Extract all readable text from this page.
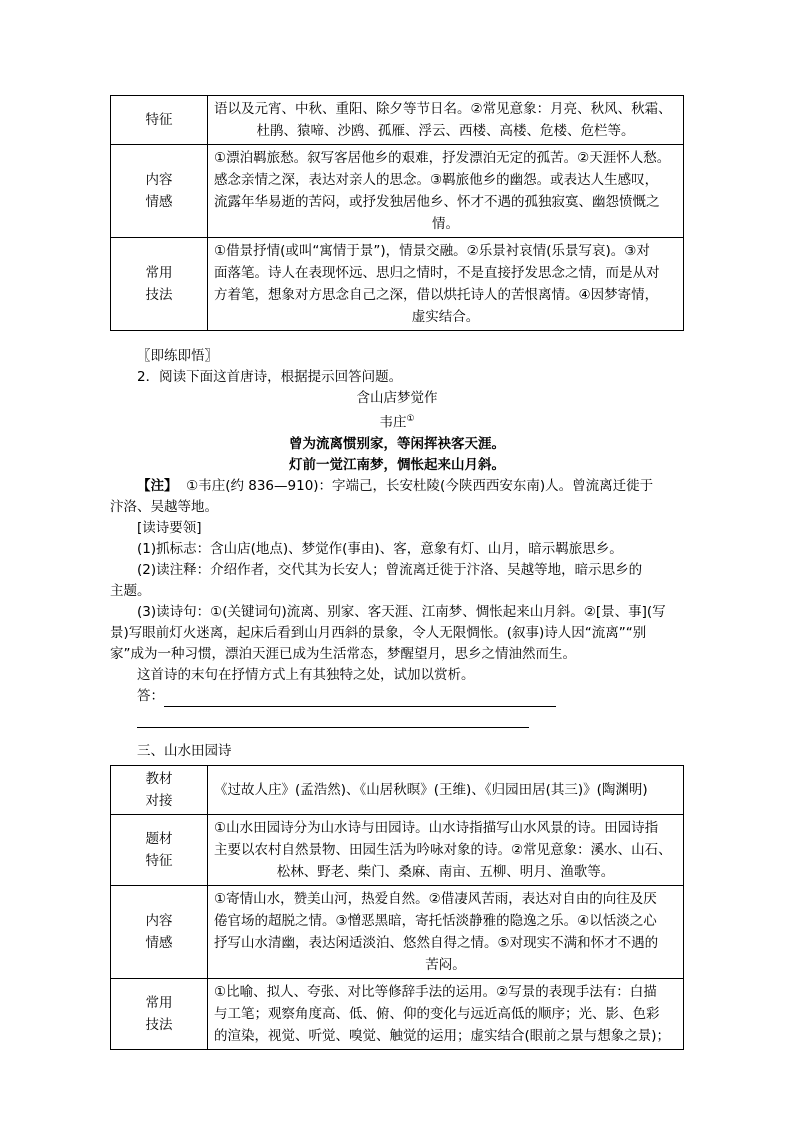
特征	语以及元宵、中秋、重阳、除夕等节日名。②常见意象：月亮、秋风、秋霜、
杜鹃、猿啼、沙鸥、孤雁、浮云、西楼、高楼、危楼、危栏等。

内容
情感	①漂泊羁旅愁。叙写客居他乡的艰难，抒发漂泊无定的孤苦。②天涯怀人愁。
感念亲情之深，表达对亲人的思念。③羁旅他乡的幽怨。或表达人生感叹，
流露年华易逝的苦闷，或抒发独居他乡、怀才不遇的孤独寂寞、幽怨愤慨之
情。

常用
技法	①借景抒情(或叫“寓情于景”)，情景交融。②乐景衬哀情(乐景写哀)。③对
面落笔。诗人在表现怀远、思归之情时，不是直接抒发思念之情，而是从对
方着笔，想象对方思念自己之深，借以烘托诗人的苦恨离情。④因梦寄情，
虚实结合。
〖即练即悟〗
2．阅读下面这首唐诗，根据提示回答问题。
含山店梦觉作
韦庄①
曾为流离惯别家，等闲挥袂客天涯。
灯前一觉江南梦，惆怅起来山月斜。
【注】 ①韦庄(约 836—910)：字端己，长安杜陵(今陕西西安东南)人。曾流离迁徙于
汴洛、吴越等地。
[读诗要领]
(1)抓标志：含山店(地点)、梦觉作(事由)、客，意象有灯、山月，暗示羁旅思乡。
(2)读注释：介绍作者，交代其为长安人；曾流离迁徙于汴洛、吴越等地，暗示思乡的
主题。
(3)读诗句：①(关键词句)流离、别家、客天涯、江南梦、惆怅起来山月斜。②[景、事](写
景)写眼前灯火迷离，起床后看到山月西斜的景象，令人无限惆怅。(叙事)诗人因“流离”“别
家”成为一种习惯，漂泊天涯已成为生活常态，梦醒望月，思乡之情油然而生。
这首诗的末句在抒情方式上有其独特之处，试加以赏析。
答：
三、山水田园诗
教材
对接	《过故人庄》(孟浩然)、《山居秋暝》(王维)、《归园田居(其三)》(陶渊明)

题材
特征	①山水田园诗分为山水诗与田园诗。山水诗指描写山水风景的诗。田园诗指
主要以农村自然景物、田园生活为吟咏对象的诗。②常见意象：溪水、山石、
松林、野老、柴门、桑麻、南亩、五柳、明月、渔歌等。

内容
情感	①寄情山水，赞美山河，热爱自然。②借凄风苦雨，表达对自由的向往及厌
倦官场的超脱之情。③憎恶黑暗，寄托恬淡静雅的隐逸之乐。④以恬淡之心
抒写山水清幽，表达闲适淡泊、悠然自得之情。⑤对现实不满和怀才不遇的
苦闷。

常用
技法	①比喻、拟人、夸张、对比等修辞手法的运用。②写景的表现手法有：白描
与工笔；观察角度高、低、俯、仰的变化与远近高低的顺序；光、影、色彩
的渲染，视觉、听觉、嗅觉、触觉的运用；虚实结合(眼前之景与想象之景)；
